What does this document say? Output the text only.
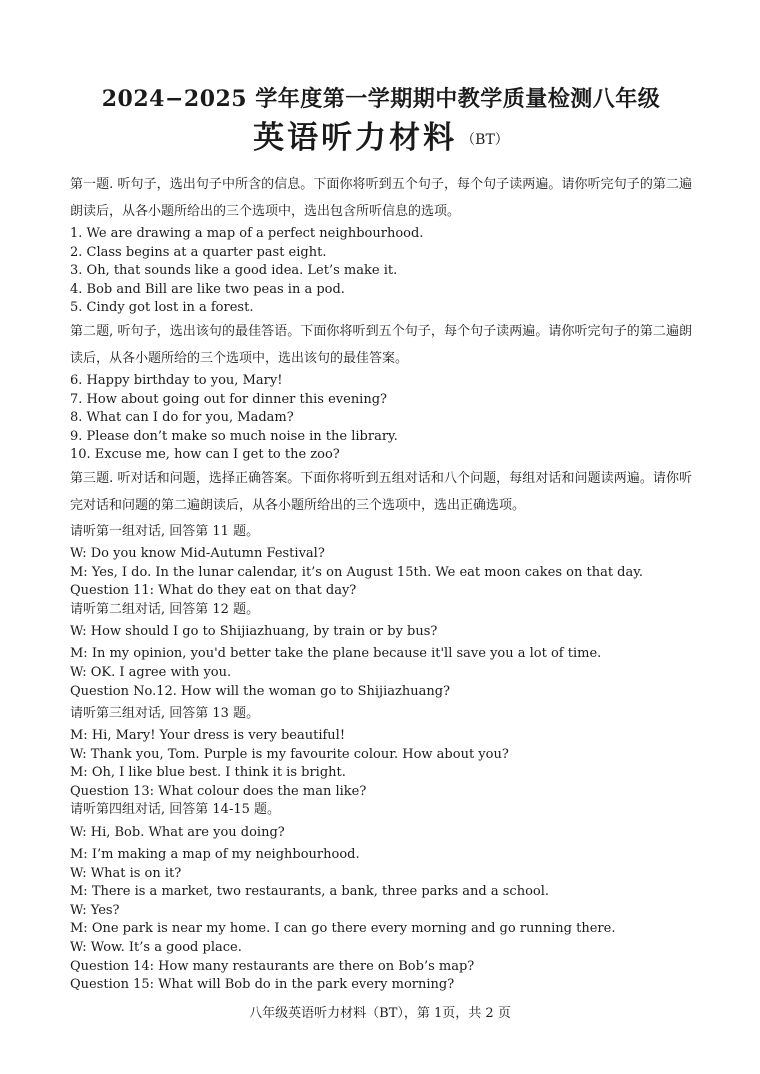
2024−2025 学年度第一学期期中教学质量检测八年级
英语听力材料 （BT）

第一题. 听句子，选出句子中所含的信息。下面你将听到五个句子，每个句子读两遍。请你听完句子的第二遍朗读后，从各小题所给出的三个选项中，选出包含所听信息的选项。

1. We are drawing a map of a perfect neighbourhood.
2. Class begins at a quarter past eight.
3. Oh, that sounds like a good idea. Let’s make it.
4. Bob and Bill are like two peas in a pod.
5. Cindy got lost in a forest.

第二题, 听句子，选出该句的最佳答语。下面你将听到五个句子，每个句子读两遍。请你听完句子的第二遍朗读后，从各小题所给的三个选项中，选出该句的最佳答案。

6. Happy birthday to you, Mary!
7. How about going out for dinner this evening?
8. What can I do for you, Madam?
9. Please don’t make so much noise in the library.
10. Excuse me, how can I get to the zoo?

第三题. 听对话和问题，选择正确答案。下面你将听到五组对话和八个问题，每组对话和问题读两遍。请你听完对话和问题的第二遍朗读后，从各小题所给出的三个选项中，选出正确选项。

请听第一组对话, 回答第 11 题。
W: Do you know Mid-Autumn Festival?
M: Yes, I do. In the lunar calendar, it’s on August 15th. We eat moon cakes on that day.
Question 11: What do they eat on that day?
请听第二组对话, 回答第 12 题。
W: How should I go to Shijiazhuang, by train or by bus?
M: In my opinion, you'd better take the plane because it'll save you a lot of time.
W: OK. I agree with you.
Question No.12. How will the woman go to Shijiazhuang?
请听第三组对话, 回答第 13 题。
M: Hi, Mary! Your dress is very beautiful!
W: Thank you, Tom. Purple is my favourite colour. How about you?
M: Oh, I like blue best. I think it is bright.
Question 13: What colour does the man like?
请听第四组对话, 回答第 14-15 题。
W: Hi, Bob. What are you doing?
M: I’m making a map of my neighbourhood.
W: What is on it?
M: There is a market, two restaurants, a bank, three parks and a school.
W: Yes?
M: One park is near my home. I can go there every morning and go running there.
W: Wow. It’s a good place.
Question 14: How many restaurants are there on Bob’s map?
Question 15: What will Bob do in the park every morning?
八年级英语听力材料（BT），第 1页，共 2 页
